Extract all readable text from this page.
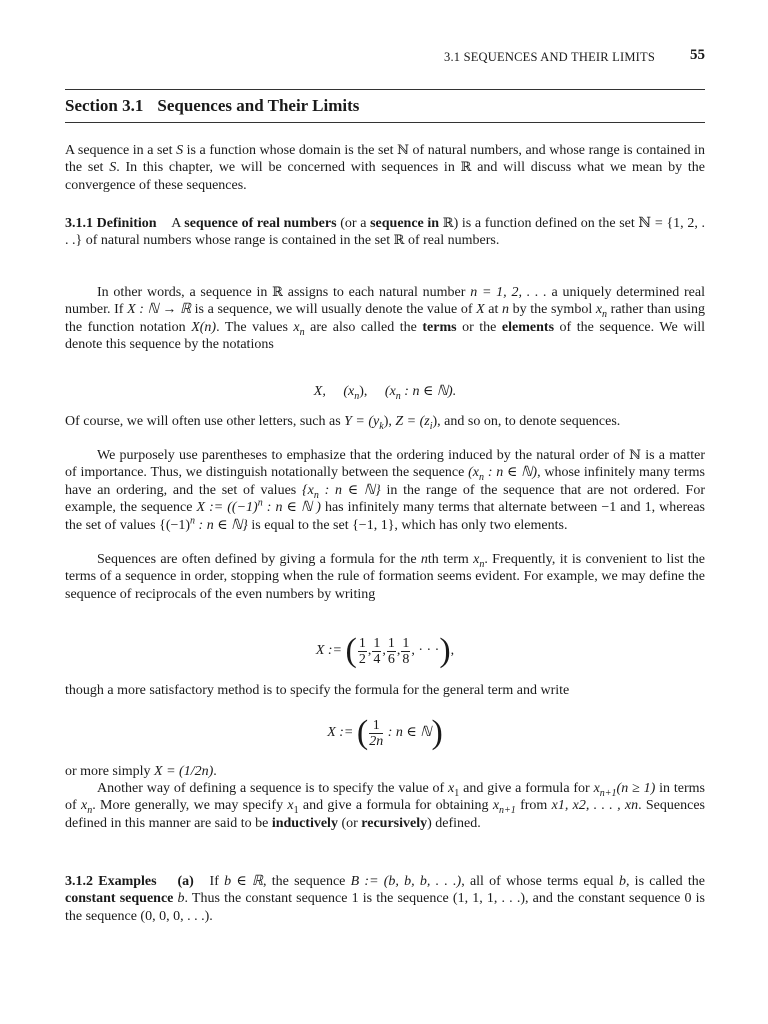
3.1 SEQUENCES AND THEIR LIMITS 55
Section 3.1 Sequences and Their Limits
A sequence in a set S is a function whose domain is the set ℕ of natural numbers, and whose range is contained in the set S. In this chapter, we will be concerned with sequences in ℝ and will discuss what we mean by the convergence of these sequences.
3.1.1 Definition A sequence of real numbers (or a sequence in ℝ) is a function defined on the set ℕ = {1, 2, . . .} of natural numbers whose range is contained in the set ℝ of real numbers.
In other words, a sequence in ℝ assigns to each natural number n = 1, 2, . . . a uniquely determined real number. If X : ℕ → ℝ is a sequence, we will usually denote the value of X at n by the symbol $x_n$ rather than using the function notation X(n). The values $x_n$ are also called the terms or the elements of the sequence. We will denote this sequence by the notations
X, $(x_n)$, ($x_n$ : n ∈ ℕ).
Of course, we will often use other letters, such as $Y = (y_k)$, $Z = (z_i)$, and so on, to denote sequences.
We purposely use parentheses to emphasize that the ordering induced by the natural order of ℕ is a matter of importance. Thus, we distinguish notationally between the sequence ($x_n$ : n ∈ ℕ), whose infinitely many terms have an ordering, and the set of values {$x_n$ : n ∈ ℕ} in the range of the sequence that are not ordered. For example, the sequence X := ($(-1)^n$ : n ∈ ℕ ) has infinitely many terms that alternate between −1 and 1, whereas the set of values {$(-1)^n$ : n ∈ ℕ} is equal to the set {−1, 1}, which has only two elements.
Sequences are often defined by giving a formula for the nth term $x_n$. Frequently, it is convenient to list the terms of a sequence in order, stopping when the rule of formation seems evident. For example, we may define the sequence of reciprocals of the even numbers by writing
X := ( $\frac{1}{2}$ , $\frac{1}{4}$ , $\frac{1}{6}$ , $\frac{1}{8}$ , · · ·),
though a more satisfactory method is to specify the formula for the general term and write
X := ( $\frac{1}{2n}$ : n ∈ ℕ)
or more simply X = (1/2n).
Another way of defining a sequence is to specify the value of $x_1$ and give a formula for $x_{n+1}(n \ge 1)$ in terms of $x_n$. More generally, we may specify $x_1$ and give a formula for obtaining $x_{n+1}$ from x1, x2, . . . , xn. Sequences defined in this manner are said to be inductively (or recursively) defined.
3.1.2 Examples (a) If b ∈ ℝ, the sequence B := (b, b, b, . . .), all of whose terms equal b, is called the constant sequence b. Thus the constant sequence 1 is the sequence (1, 1, 1, . . .), and the constant sequence 0 is the sequence (0, 0, 0, . . .).
